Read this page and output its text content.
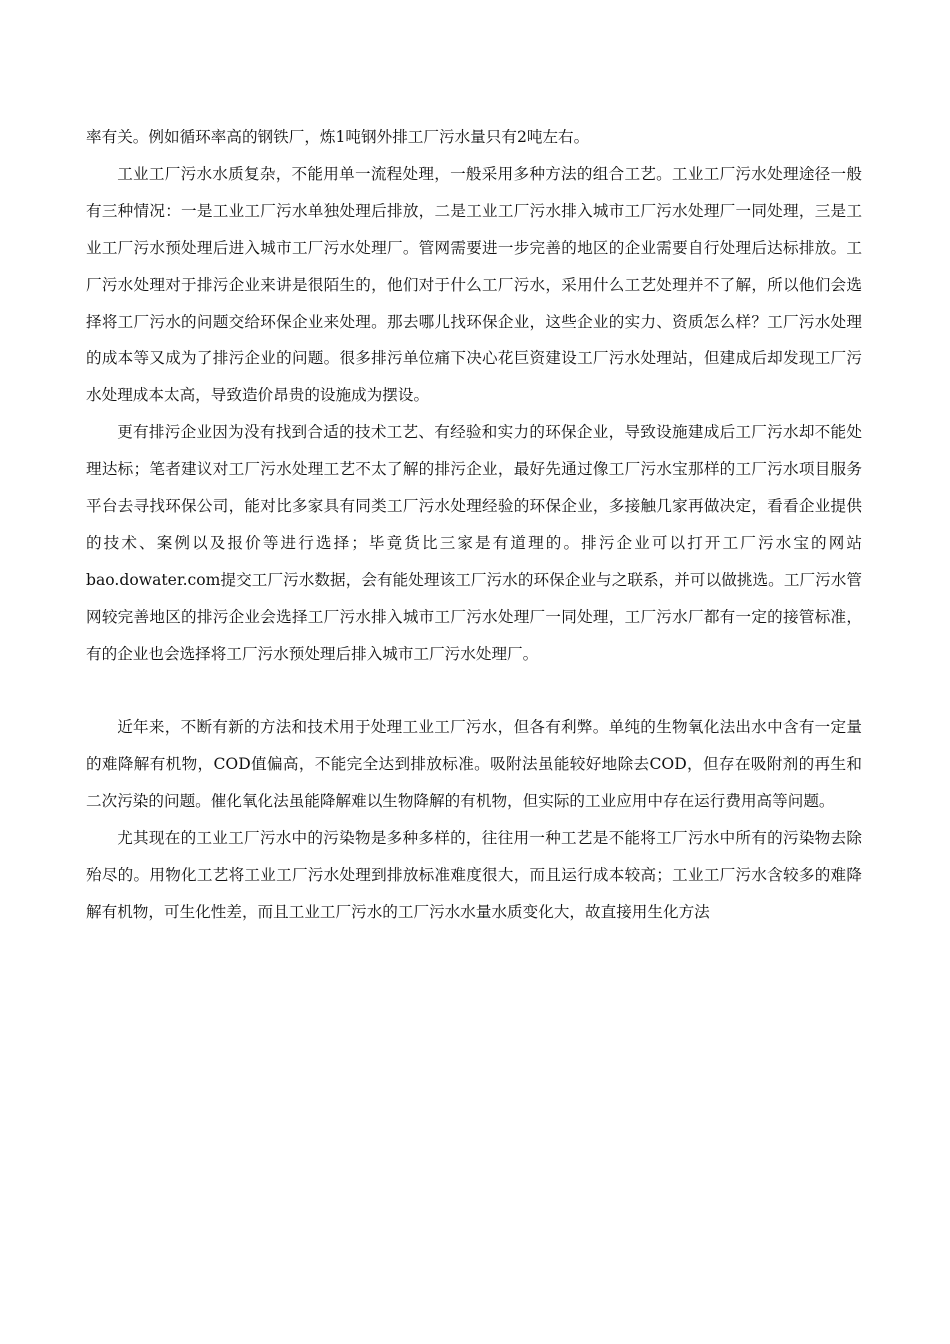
率有关。例如循环率高的钢铁厂，炼1吨钢外排工厂污水量只有2吨左右。

工业工厂污水水质复杂，不能用单一流程处理，一般采用多种方法的组合工艺。工业工厂污水处理途径一般有三种情况：一是工业工厂污水单独处理后排放，二是工业工厂污水排入城市工厂污水处理厂一同处理，三是工业工厂污水预处理后进入城市工厂污水处理厂。管网需要进一步完善的地区的企业需要自行处理后达标排放。工厂污水处理对于排污企业来讲是很陌生的，他们对于什么工厂污水，采用什么工艺处理并不了解，所以他们会选择将工厂污水的问题交给环保企业来处理。那去哪儿找环保企业，这些企业的实力、资质怎么样？工厂污水处理的成本等又成为了排污企业的问题。很多排污单位痛下决心花巨资建设工厂污水处理站，但建成后却发现工厂污水处理成本太高，导致造价昂贵的设施成为摆设。

更有排污企业因为没有找到合适的技术工艺、有经验和实力的环保企业，导致设施建成后工厂污水却不能处理达标；笔者建议对工厂污水处理工艺不太了解的排污企业，最好先通过像工厂污水宝那样的工厂污水项目服务平台去寻找环保公司，能对比多家具有同类工厂污水处理经验的环保企业，多接触几家再做决定，看看企业提供的技术、案例以及报价等进行选择；毕竟货比三家是有道理的。排污企业可以打开工厂污水宝的网站bao.dowater.com提交工厂污水数据，会有能处理该工厂污水的环保企业与之联系，并可以做挑选。工厂污水管网较完善地区的排污企业会选择工厂污水排入城市工厂污水处理厂一同处理，工厂污水厂都有一定的接管标准，有的企业也会选择将工厂污水预处理后排入城市工厂污水处理厂。

近年来，不断有新的方法和技术用于处理工业工厂污水，但各有利弊。单纯的生物氧化法出水中含有一定量的难降解有机物，COD值偏高，不能完全达到排放标准。吸附法虽能较好地除去COD，但存在吸附剂的再生和二次污染的问题。催化氧化法虽能降解难以生物降解的有机物，但实际的工业应用中存在运行费用高等问题。

尤其现在的工业工厂污水中的污染物是多种多样的，往往用一种工艺是不能将工厂污水中所有的污染物去除殆尽的。用物化工艺将工业工厂污水处理到排放标准难度很大，而且运行成本较高；工业工厂污水含较多的难降解有机物，可生化性差，而且工业工厂污水的工厂污水水量水质变化大，故直接用生化方法
